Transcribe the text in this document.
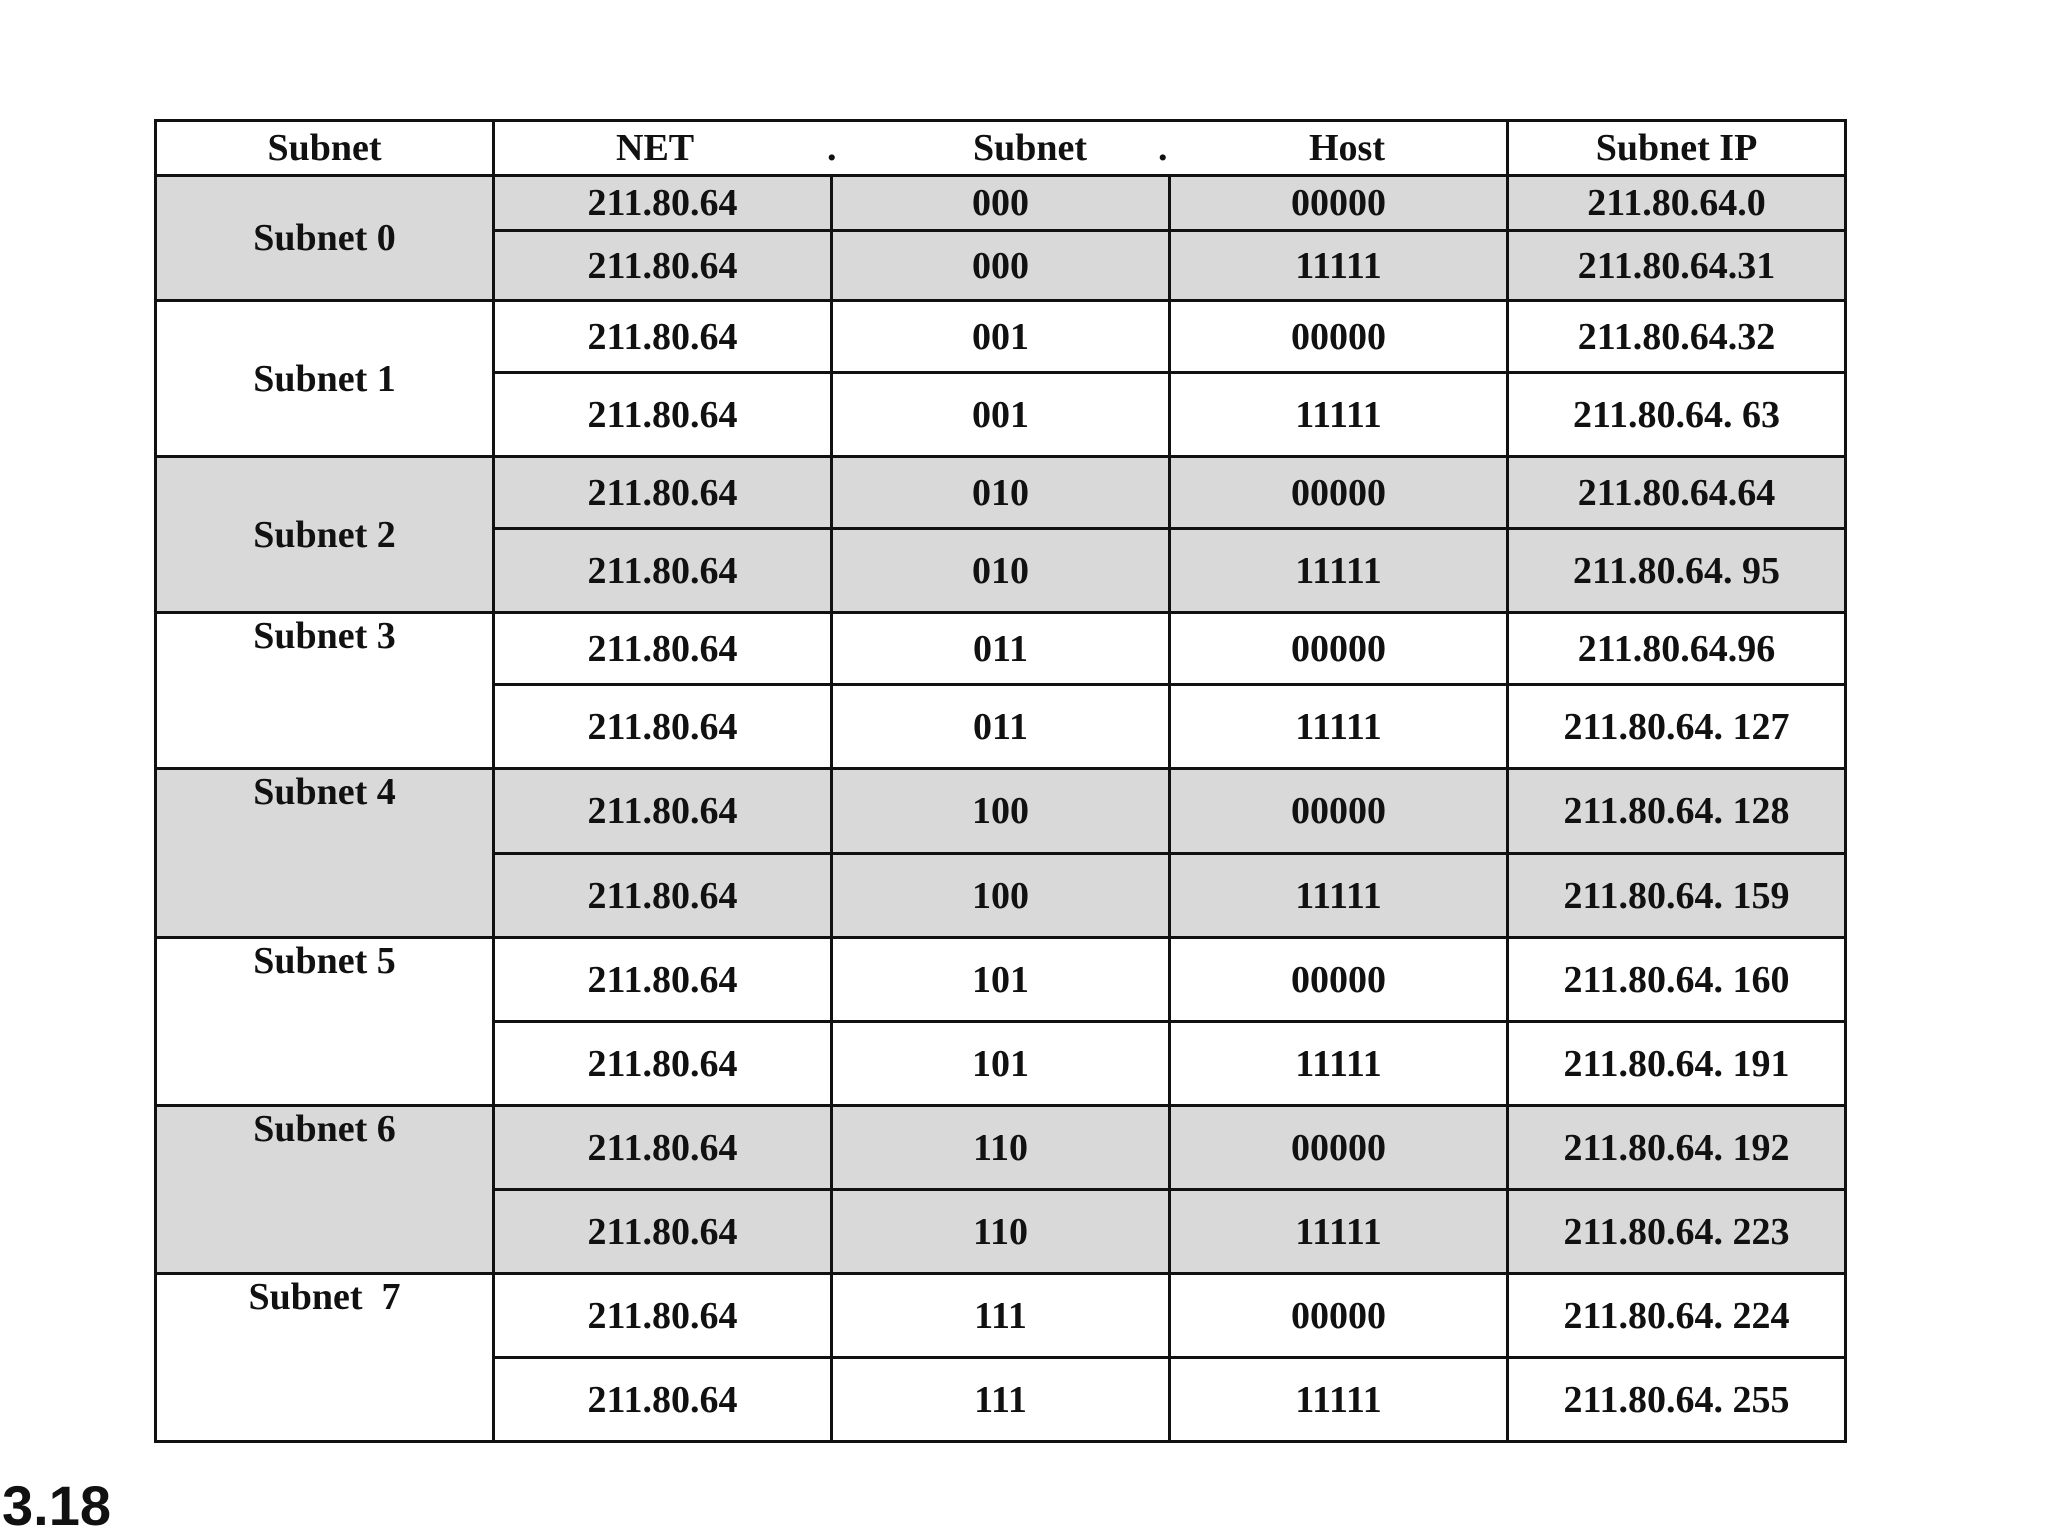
Subnet	NET . Subnet . Host			Subnet IP
Subnet 0	211.80.64	000	00000	211.80.64.0
	211.80.64	000	11111	211.80.64.31
Subnet 1	211.80.64	001	00000	211.80.64.32
	211.80.64	001	11111	211.80.64. 63
Subnet 2	211.80.64	010	00000	211.80.64.64
	211.80.64	010	11111	211.80.64. 95
Subnet 3	211.80.64	011	00000	211.80.64.96
	211.80.64	011	11111	211.80.64. 127
Subnet 4	211.80.64	100	00000	211.80.64. 128
	211.80.64	100	11111	211.80.64. 159
Subnet 5	211.80.64	101	00000	211.80.64. 160
	211.80.64	101	11111	211.80.64. 191
Subnet 6	211.80.64	110	00000	211.80.64. 192
	211.80.64	110	11111	211.80.64. 223
Subnet  7	211.80.64	111	00000	211.80.64. 224
	211.80.64	111	11111	211.80.64. 255

3.18
